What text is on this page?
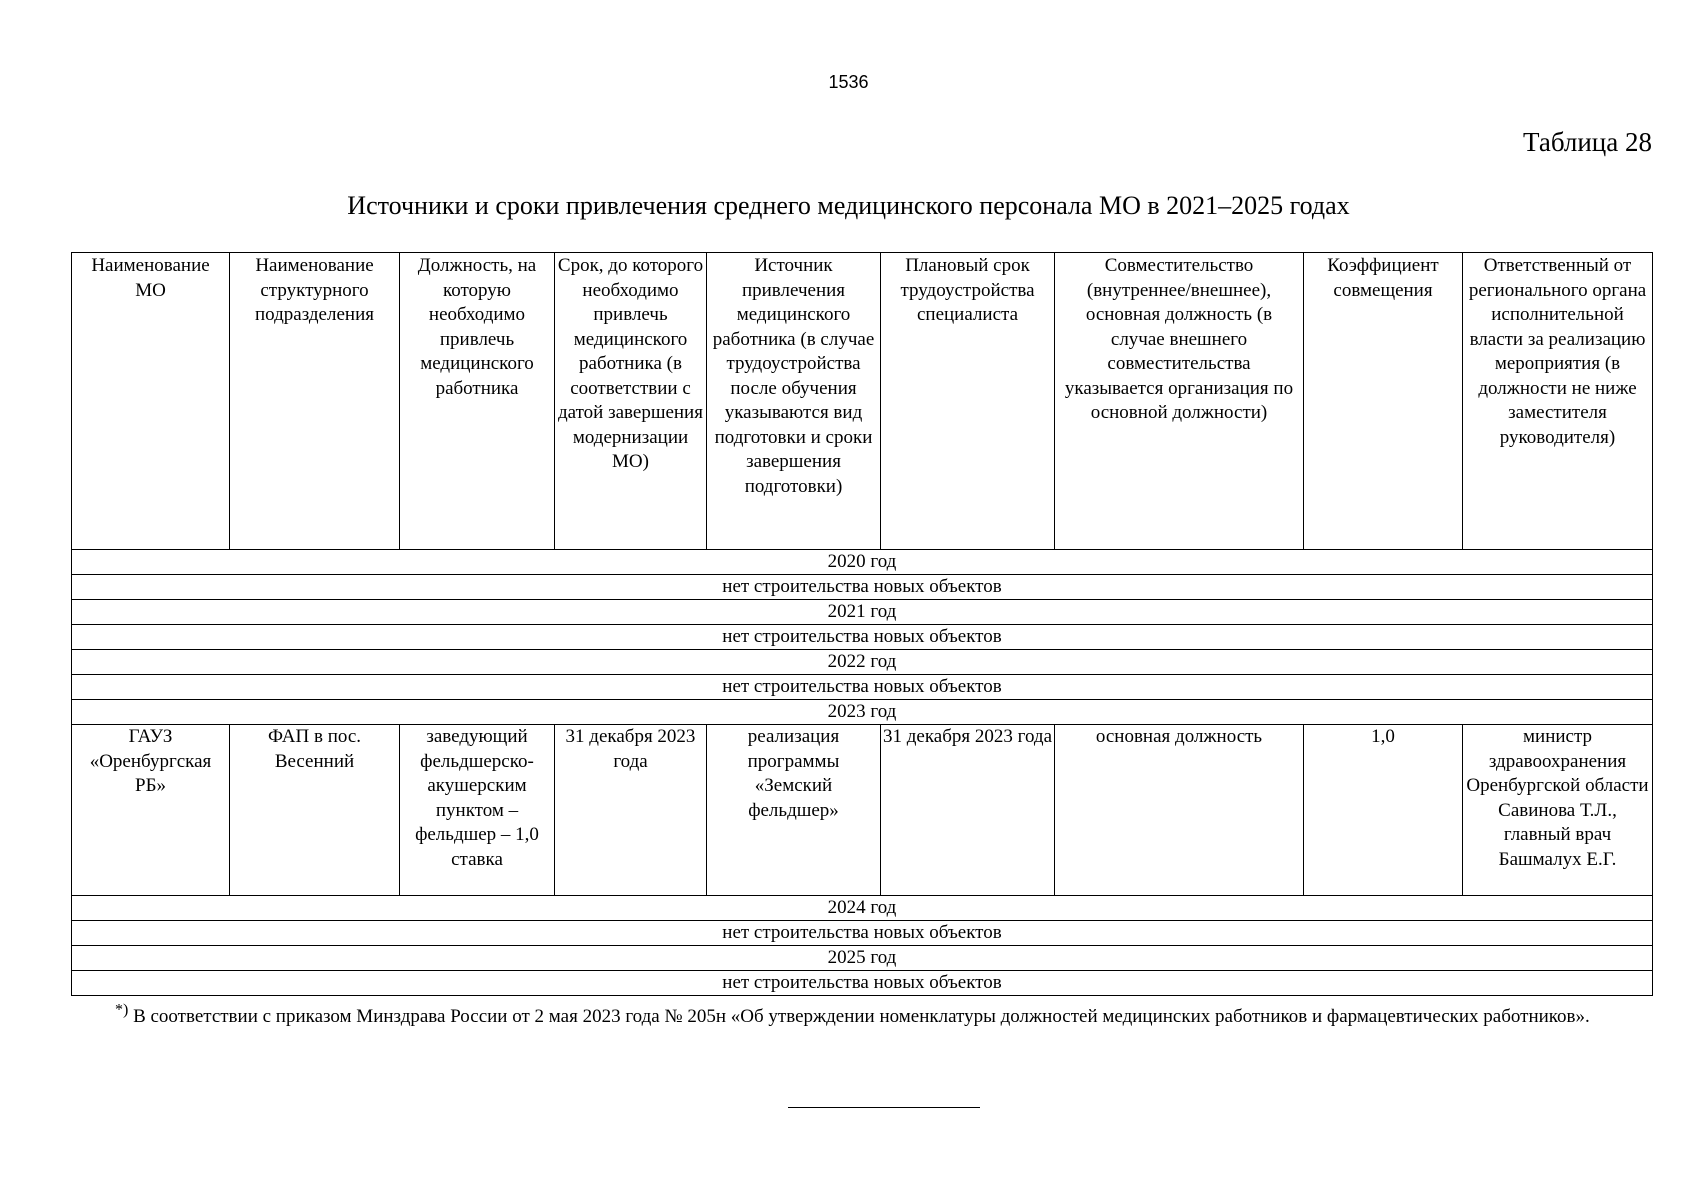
1536
Таблица 28
Источники и сроки привлечения среднего медицинского персонала МО в 2021–2025 годах
Наименование МО	Наименование структурного подразделения	Должность, на которую необходимо привлечь медицинского работника	Срок, до которого необходимо привлечь медицинского работника (в соответствии с датой завершения модернизации МО)	Источник привлечения медицинского работника (в случае трудоустройства после обучения указываются вид подготовки и сроки завершения подготовки)	Плановый срок трудоустройства специалиста	Совместительство (внутреннее/внешнее), основная должность (в случае внешнего совместительства указывается организация по основной должности)	Коэффициент совмещения	Ответственный от регионального органа исполнительной власти за реализацию мероприятия (в должности не ниже заместителя руководителя)
2020 год								
нет строительства новых объектов								
2021 год								
нет строительства новых объектов								
2022 год								
нет строительства новых объектов								
2023 год								
ГАУЗ «Оренбургская РБ»	ФАП в пос. Весенний	заведующий фельдшерско-акушерским пунктом – фельдшер – 1,0 ставка	31 декабря 2023 года	реализация программы «Земский фельдшер»	31 декабря 2023 года	основная должность	1,0	министр здравоохранения Оренбургской области Савинова Т.Л., главный врач Башмалух Е.Г.
2024 год								
нет строительства новых объектов								
2025 год								
нет строительства новых объектов								
*) В соответствии с приказом Минздрава России от 2 мая 2023 года № 205н «Об утверждении номенклатуры должностей медицинских работников и фармацевтических работников».
